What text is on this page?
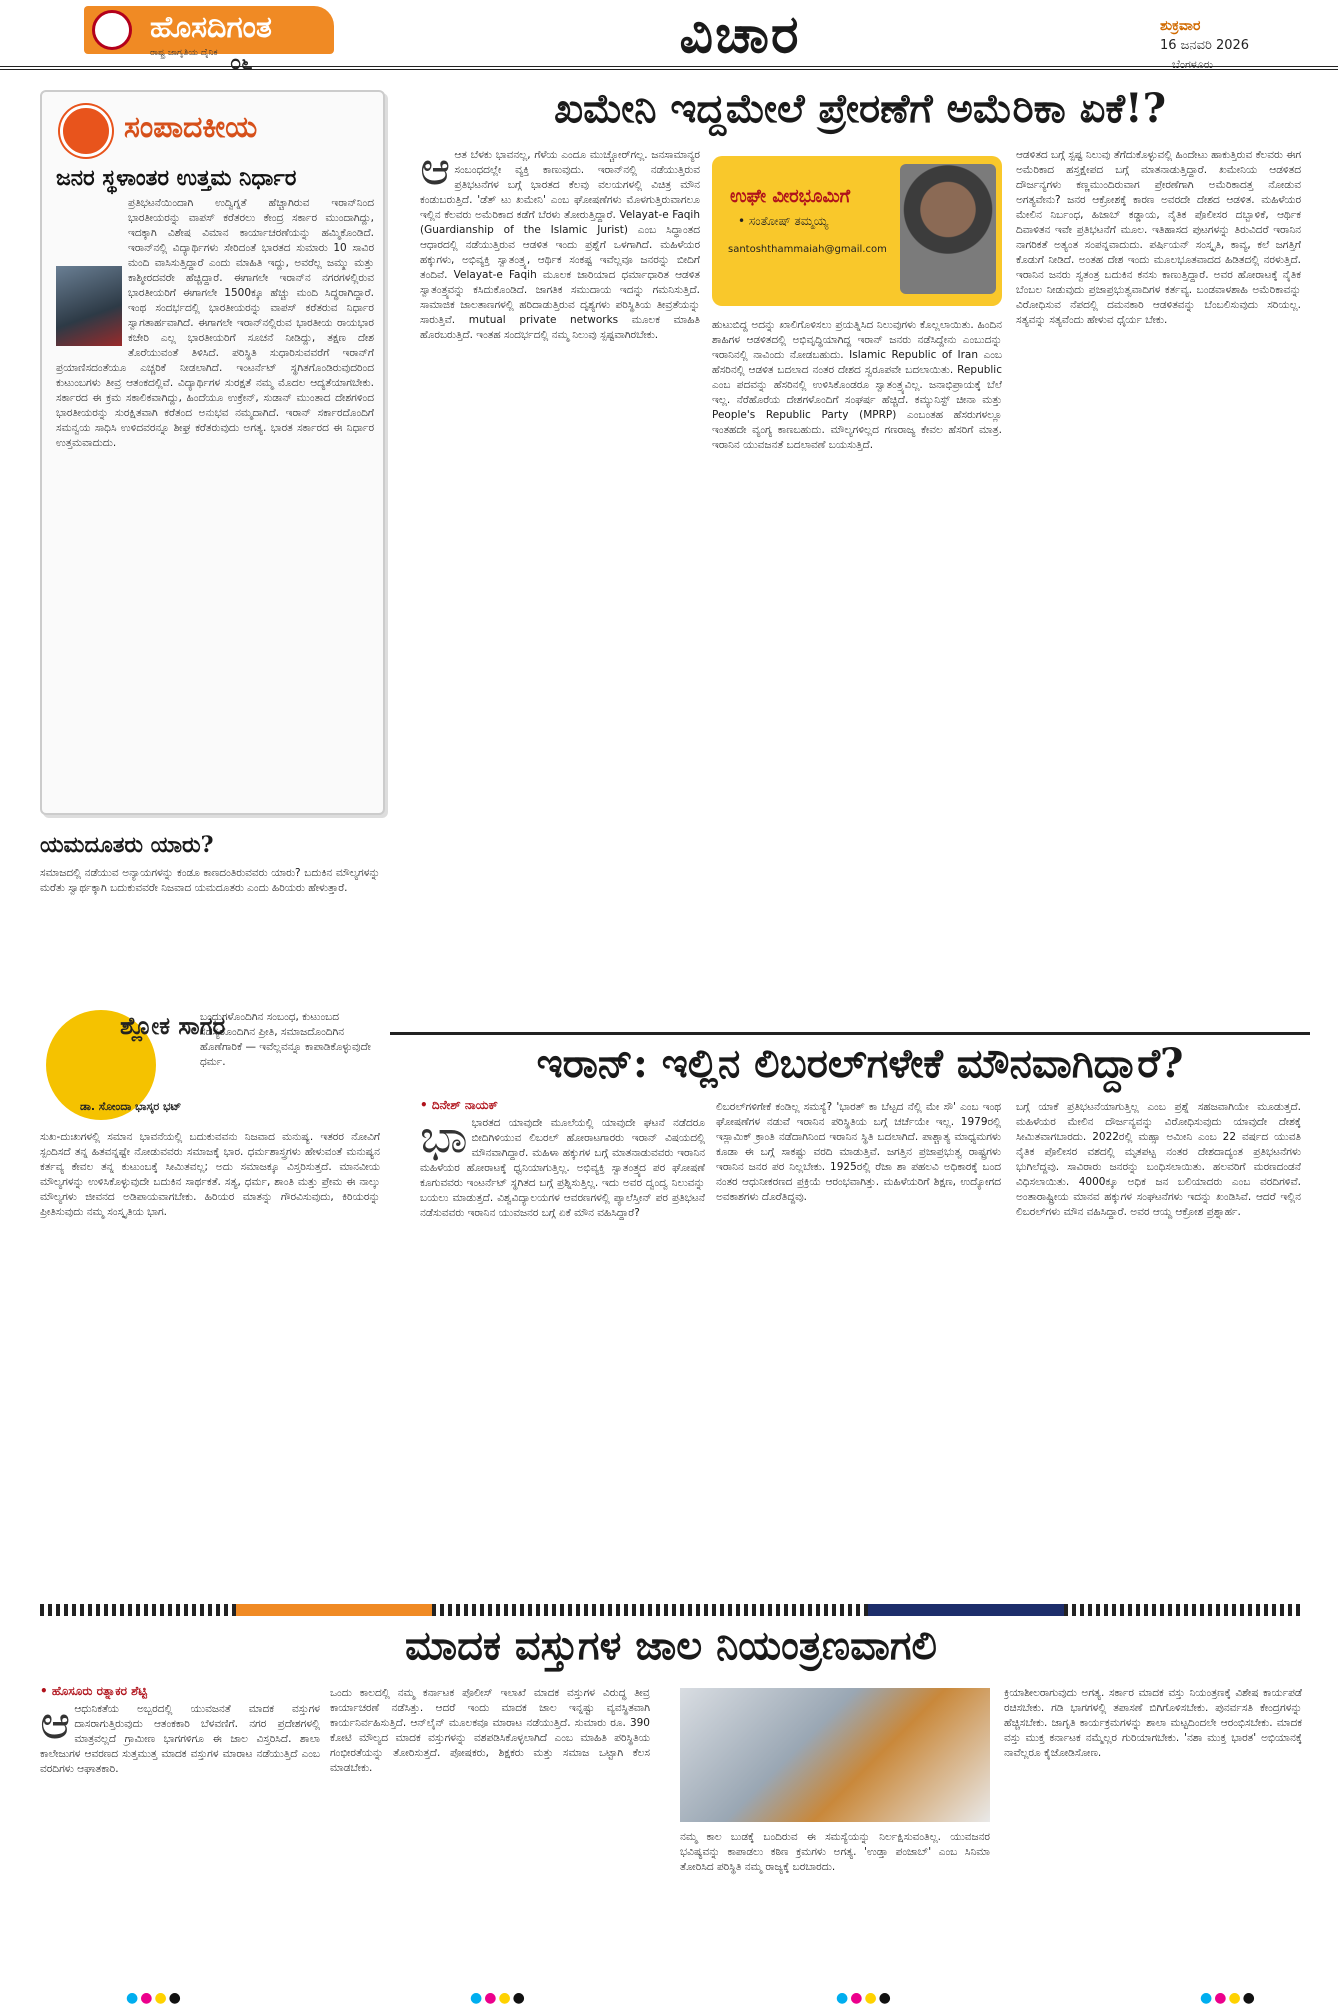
ಹೊಸದಿಗಂತ
ರಾಷ್ಟ್ರ ಜಾಗೃತಿಯ ದೈನಿಕ ೦೬	ವಿಚಾರ	ಶುಕ್ರವಾರ
16 ಜನವರಿ 2026
ಬೆಂಗಳೂರು
ಸಂಪಾದಕೀಯ
ಜನರ ಸ್ಥಳಾಂತರ ಉತ್ತಮ ನಿರ್ಧಾರ
ಪ್ರತಿಭಟನೆಯಿಂದಾಗಿ ಉದ್ವಿಗ್ನತೆ ಹೆಚ್ಚಾಗಿರುವ ಇರಾನ್‌ನಿಂದ ಭಾರತೀಯರನ್ನು ವಾಪಸ್ ಕರೆತರಲು ಕೇಂದ್ರ ಸರ್ಕಾರ ಮುಂದಾಗಿದ್ದು, ಇದಕ್ಕಾಗಿ ವಿಶೇಷ ವಿಮಾನ ಕಾರ್ಯಾಚರಣೆಯನ್ನು ಹಮ್ಮಿಕೊಂಡಿದೆ. ಇರಾನ್‌ನಲ್ಲಿ ವಿದ್ಯಾರ್ಥಿಗಳು ಸೇರಿದಂತೆ ಭಾರತದ ಸುಮಾರು 10 ಸಾವಿರ ಮಂದಿ ವಾಸಿಸುತ್ತಿದ್ದಾರೆ ಎಂದು ಮಾಹಿತಿ ಇದ್ದು, ಅವರೆಲ್ಲ ಜಮ್ಮು ಮತ್ತು ಕಾಶ್ಮೀರದವರೇ ಹೆಚ್ಚಿದ್ದಾರೆ. ಈಗಾಗಲೇ ಇರಾನ್‌ನ ನಗರಗಳಲ್ಲಿರುವ ಭಾರತೀಯರಿಗೆ ಈಗಾಗಲೇ 1500ಕ್ಕೂ ಹೆಚ್ಚು ಮಂದಿ ಸಿದ್ಧರಾಗಿದ್ದಾರೆ. ಇಂಥ ಸಂದರ್ಭದಲ್ಲಿ ಭಾರತೀಯರನ್ನು ವಾಪಸ್ ಕರೆತರುವ ನಿರ್ಧಾರ ಸ್ವಾಗತಾರ್ಹವಾಗಿದೆ. ಈಗಾಗಲೇ ಇರಾನ್‌ನಲ್ಲಿರುವ ಭಾರತೀಯ ರಾಯಭಾರ ಕಚೇರಿ ಎಲ್ಲ ಭಾರತೀಯರಿಗೆ ಸೂಚನೆ ನೀಡಿದ್ದು, ತಕ್ಷಣ ದೇಶ ತೊರೆಯುವಂತೆ ತಿಳಿಸಿದೆ. ಪರಿಸ್ಥಿತಿ ಸುಧಾರಿಸುವವರೆಗೆ ಇರಾನ್‌ಗೆ ಪ್ರಯಾಣಿಸದಂತೆಯೂ ಎಚ್ಚರಿಕೆ ನೀಡಲಾಗಿದೆ. ಇಂಟರ್ನೆಟ್ ಸ್ಥಗಿತಗೊಂಡಿರುವುದರಿಂದ ಕುಟುಂಬಗಳು ತೀವ್ರ ಆತಂಕದಲ್ಲಿವೆ. ವಿದ್ಯಾರ್ಥಿಗಳ ಸುರಕ್ಷತೆ ನಮ್ಮ ಮೊದಲ ಆದ್ಯತೆಯಾಗಬೇಕು. ಸರ್ಕಾರದ ಈ ಕ್ರಮ ಸಕಾಲಿಕವಾಗಿದ್ದು, ಹಿಂದೆಯೂ ಉಕ್ರೇನ್, ಸುಡಾನ್ ಮುಂತಾದ ದೇಶಗಳಿಂದ ಭಾರತೀಯರನ್ನು ಸುರಕ್ಷಿತವಾಗಿ ಕರೆತಂದ ಅನುಭವ ನಮ್ಮದಾಗಿದೆ. ಇರಾನ್ ಸರ್ಕಾರದೊಂದಿಗೆ ಸಮನ್ವಯ ಸಾಧಿಸಿ ಉಳಿದವರನ್ನೂ ಶೀಘ್ರ ಕರೆತರುವುದು ಅಗತ್ಯ. ಭಾರತ ಸರ್ಕಾರದ ಈ ನಿರ್ಧಾರ ಉತ್ತಮವಾದುದು.
ಯಮದೂತರು ಯಾರು?
ಸಮಾಜದಲ್ಲಿ ನಡೆಯುವ ಅನ್ಯಾಯಗಳನ್ನು ಕಂಡೂ ಕಾಣದಂತಿರುವವರು ಯಾರು? ಬದುಕಿನ ಮೌಲ್ಯಗಳನ್ನು ಮರೆತು ಸ್ವಾರ್ಥಕ್ಕಾಗಿ ಬದುಕುವವರೇ ನಿಜವಾದ ಯಮದೂತರು ಎಂದು ಹಿರಿಯರು ಹೇಳುತ್ತಾರೆ.
ಶ್ಲೋಕ ಸಾಗರ
ಡಾ. ಸೋಂದಾ ಭಾಸ್ಕರ ಭಟ್
ಬಂಧುಗಳೊಂದಿಗಿನ ಸಂಬಂಧ, ಕುಟುಂಬದ ಸದಸ್ಯರೊಂದಿಗಿನ ಪ್ರೀತಿ, ಸಮಾಜದೊಂದಿಗಿನ ಹೊಣೆಗಾರಿಕೆ — ಇವೆಲ್ಲವನ್ನೂ ಕಾಪಾಡಿಕೊಳ್ಳುವುದೇ ಧರ್ಮ.
ಸುಖ-ದುಃಖಗಳಲ್ಲಿ ಸಮಾನ ಭಾವನೆಯಲ್ಲಿ ಬದುಕುವವನು ನಿಜವಾದ ಮನುಷ್ಯ. ಇತರರ ನೋವಿಗೆ ಸ್ಪಂದಿಸದೆ ತನ್ನ ಹಿತವನ್ನಷ್ಟೇ ನೋಡುವವರು ಸಮಾಜಕ್ಕೆ ಭಾರ. ಧರ್ಮಶಾಸ್ತ್ರಗಳು ಹೇಳುವಂತೆ ಮನುಷ್ಯನ ಕರ್ತವ್ಯ ಕೇವಲ ತನ್ನ ಕುಟುಂಬಕ್ಕೆ ಸೀಮಿತವಲ್ಲ; ಅದು ಸಮಾಜಕ್ಕೂ ವಿಸ್ತರಿಸುತ್ತದೆ. ಮಾನವೀಯ ಮೌಲ್ಯಗಳನ್ನು ಉಳಿಸಿಕೊಳ್ಳುವುದೇ ಬದುಕಿನ ಸಾರ್ಥಕತೆ. ಸತ್ಯ, ಧರ್ಮ, ಶಾಂತಿ ಮತ್ತು ಪ್ರೇಮ ಈ ನಾಲ್ಕು ಮೌಲ್ಯಗಳು ಜೀವನದ ಅಡಿಪಾಯವಾಗಬೇಕು. ಹಿರಿಯರ ಮಾತನ್ನು ಗೌರವಿಸುವುದು, ಕಿರಿಯರನ್ನು ಪ್ರೀತಿಸುವುದು ನಮ್ಮ ಸಂಸ್ಕೃತಿಯ ಭಾಗ.
ಖಮೇನಿ ಇದ್ದಮೇಲೆ ಪ್ರೇರಣೆಗೆ ಅಮೆರಿಕಾ ಏಕೆ!?
ಆ ಆತ ಬೆಳಕು ಭಾವನಲ್ಲ, ಗೆಳೆಯ ಎಂದೂ ಮುಚ್ಚೋರ್‌ಗಲ್ಲ. ಜನಸಾಮಾನ್ಯರ ಸಂಬಂಧದಲ್ಲೇ ವ್ಯಕ್ತಿ ಕಾಣುವುದು. ಇರಾನ್‌ನಲ್ಲಿ ನಡೆಯುತ್ತಿರುವ ಪ್ರತಿಭಟನೆಗಳ ಬಗ್ಗೆ ಭಾರತದ ಕೆಲವು ವಲಯಗಳಲ್ಲಿ ವಿಚಿತ್ರ ಮೌನ ಕಂಡುಬರುತ್ತಿದೆ. 'ಡೆತ್ ಟು ಖಮೇನಿ' ಎಂಬ ಘೋಷಣೆಗಳು ಮೊಳಗುತ್ತಿರುವಾಗಲೂ ಇಲ್ಲಿನ ಕೆಲವರು ಅಮೆರಿಕಾದ ಕಡೆಗೆ ಬೆರಳು ತೋರುತ್ತಿದ್ದಾರೆ. Velayat-e Faqih (Guardianship of the Islamic Jurist) ಎಂಬ ಸಿದ್ಧಾಂತದ ಆಧಾರದಲ್ಲಿ ನಡೆಯುತ್ತಿರುವ ಆಡಳಿತ ಇಂದು ಪ್ರಶ್ನೆಗೆ ಒಳಗಾಗಿದೆ. ಮಹಿಳೆಯರ ಹಕ್ಕುಗಳು, ಅಭಿವ್ಯಕ್ತಿ ಸ್ವಾತಂತ್ರ್ಯ, ಆರ್ಥಿಕ ಸಂಕಷ್ಟ ಇವೆಲ್ಲವೂ ಜನರನ್ನು ಬೀದಿಗೆ ತಂದಿವೆ. Velayat-e Faqih ಮೂಲಕ ಜಾರಿಯಾದ ಧರ್ಮಾಧಾರಿತ ಆಡಳಿತ ಸ್ವಾತಂತ್ರ್ಯವನ್ನು ಕಸಿದುಕೊಂಡಿದೆ. ಜಾಗತಿಕ ಸಮುದಾಯ ಇದನ್ನು ಗಮನಿಸುತ್ತಿದೆ. ಸಾಮಾಜಿಕ ಜಾಲತಾಣಗಳಲ್ಲಿ ಹರಿದಾಡುತ್ತಿರುವ ದೃಶ್ಯಗಳು ಪರಿಸ್ಥಿತಿಯ ತೀವ್ರತೆಯನ್ನು ಸಾರುತ್ತಿವೆ. mutual private networks ಮೂಲಕ ಮಾಹಿತಿ ಹೊರಬರುತ್ತಿದೆ. ಇಂತಹ ಸಂದರ್ಭದಲ್ಲಿ ನಮ್ಮ ನಿಲುವು ಸ್ಪಷ್ಟವಾಗಿರಬೇಕು.
ಉಘೇ ವೀರಭೂಮಿಗೆ
• ಸಂತೋಷ್ ತಮ್ಮಯ್ಯ
santoshthammaiah@gmail.com
ಹುಟುಬಿದ್ದ ಅದನ್ನು ಖಾಲಿಗೊಳಿಸಲು ಪ್ರಯತ್ನಿಸಿದ ನಿಲುವುಗಳು ಕೊಲ್ಲಲಾಯಿತು. ಹಿಂದಿನ ಶಾಹಿಗಳ ಆಡಳಿತದಲ್ಲಿ ಅಭಿವೃದ್ಧಿಯಾಗಿದ್ದ ಇರಾನ್ ಜನರು ನಡೆಸಿದ್ದೇನು ಎಂಬುದನ್ನು ಇರಾನಿನಲ್ಲಿ ನಾವಿಂದು ನೋಡಬಹುದು. Islamic Republic of Iran ಎಂಬ ಹೆಸರಿನಲ್ಲಿ ಆಡಳಿತ ಬದಲಾದ ನಂತರ ದೇಶದ ಸ್ವರೂಪವೇ ಬದಲಾಯಿತು. Republic ಎಂಬ ಪದವನ್ನು ಹೆಸರಿನಲ್ಲಿ ಉಳಿಸಿಕೊಂಡರೂ ಸ್ವಾತಂತ್ರ್ಯವಿಲ್ಲ. ಜನಾಭಿಪ್ರಾಯಕ್ಕೆ ಬೆಲೆ ಇಲ್ಲ. ನೆರೆಹೊರೆಯ ದೇಶಗಳೊಂದಿಗೆ ಸಂಘರ್ಷ ಹೆಚ್ಚಿದೆ. ಕಮ್ಯುನಿಸ್ಟ್ ಚೀನಾ ಮತ್ತು People's Republic Party (MPRP) ಎಂಬಂತಹ ಹೆಸರುಗಳಲ್ಲೂ ಇಂತಹದೇ ವ್ಯಂಗ್ಯ ಕಾಣಬಹುದು. ಮೌಲ್ಯಗಳಿಲ್ಲದ ಗಣರಾಜ್ಯ ಕೇವಲ ಹೆಸರಿಗೆ ಮಾತ್ರ. ಇರಾನಿನ ಯುವಜನತೆ ಬದಲಾವಣೆ ಬಯಸುತ್ತಿದೆ.
ಆಡಳಿತದ ಬಗ್ಗೆ ಸ್ಪಷ್ಟ ನಿಲುವು ತೆಗೆದುಕೊಳ್ಳುವಲ್ಲಿ ಹಿಂದೇಟು ಹಾಕುತ್ತಿರುವ ಕೆಲವರು ಈಗ ಅಮೆರಿಕಾದ ಹಸ್ತಕ್ಷೇಪದ ಬಗ್ಗೆ ಮಾತನಾಡುತ್ತಿದ್ದಾರೆ. ಖಮೇನಿಯ ಆಡಳಿತದ ದೌರ್ಜನ್ಯಗಳು ಕಣ್ಣಮುಂದಿರುವಾಗ ಪ್ರೇರಣೆಗಾಗಿ ಅಮೆರಿಕಾದತ್ತ ನೋಡುವ ಅಗತ್ಯವೇನು? ಜನರ ಆಕ್ರೋಶಕ್ಕೆ ಕಾರಣ ಅವರದೇ ದೇಶದ ಆಡಳಿತ. ಮಹಿಳೆಯರ ಮೇಲಿನ ನಿರ್ಬಂಧ, ಹಿಜಾಬ್ ಕಡ್ಡಾಯ, ನೈತಿಕ ಪೊಲೀಸರ ದಬ್ಬಾಳಿಕೆ, ಆರ್ಥಿಕ ದಿವಾಳಿತನ ಇವೇ ಪ್ರತಿಭಟನೆಗೆ ಮೂಲ. ಇತಿಹಾಸದ ಪುಟಗಳನ್ನು ತಿರುವಿದರೆ ಇರಾನಿನ ನಾಗರಿಕತೆ ಅತ್ಯಂತ ಸಂಪನ್ನವಾದುದು. ಪರ್ಷಿಯನ್ ಸಂಸ್ಕೃತಿ, ಕಾವ್ಯ, ಕಲೆ ಜಗತ್ತಿಗೆ ಕೊಡುಗೆ ನೀಡಿದೆ. ಅಂತಹ ದೇಶ ಇಂದು ಮೂಲಭೂತವಾದದ ಹಿಡಿತದಲ್ಲಿ ನರಳುತ್ತಿದೆ. ಇರಾನಿನ ಜನರು ಸ್ವತಂತ್ರ ಬದುಕಿನ ಕನಸು ಕಾಣುತ್ತಿದ್ದಾರೆ. ಅವರ ಹೋರಾಟಕ್ಕೆ ನೈತಿಕ ಬೆಂಬಲ ನೀಡುವುದು ಪ್ರಜಾಪ್ರಭುತ್ವವಾದಿಗಳ ಕರ್ತವ್ಯ. ಬಂಡವಾಳಶಾಹಿ ಅಮೆರಿಕಾವನ್ನು ವಿರೋಧಿಸುವ ನೆಪದಲ್ಲಿ ದಮನಕಾರಿ ಆಡಳಿತವನ್ನು ಬೆಂಬಲಿಸುವುದು ಸರಿಯಲ್ಲ. ಸತ್ಯವನ್ನು ಸತ್ಯವೆಂದು ಹೇಳುವ ಧೈರ್ಯ ಬೇಕು.
ಇರಾನ್: ಇಲ್ಲಿನ ಲಿಬರಲ್‌ಗಳೇಕೆ ಮೌನವಾಗಿದ್ದಾರೆ?
• ದಿನೇಶ್ ನಾಯಕ್
ಭಾ ಭಾರತದ ಯಾವುದೇ ಮೂಲೆಯಲ್ಲಿ ಯಾವುದೇ ಘಟನೆ ನಡೆದರೂ ಬೀದಿಗಿಳಿಯುವ ಲಿಬರಲ್ ಹೋರಾಟಗಾರರು ಇರಾನ್ ವಿಷಯದಲ್ಲಿ ಮೌನವಾಗಿದ್ದಾರೆ. ಮಹಿಳಾ ಹಕ್ಕುಗಳ ಬಗ್ಗೆ ಮಾತನಾಡುವವರು ಇರಾನಿನ ಮಹಿಳೆಯರ ಹೋರಾಟಕ್ಕೆ ಧ್ವನಿಯಾಗುತ್ತಿಲ್ಲ. ಅಭಿವ್ಯಕ್ತಿ ಸ್ವಾತಂತ್ರ್ಯದ ಪರ ಘೋಷಣೆ ಕೂಗುವವರು ಇಂಟರ್ನೆಟ್ ಸ್ಥಗಿತದ ಬಗ್ಗೆ ಪ್ರಶ್ನಿಸುತ್ತಿಲ್ಲ. ಇದು ಅವರ ದ್ವಂದ್ವ ನಿಲುವನ್ನು ಬಯಲು ಮಾಡುತ್ತದೆ. ವಿಶ್ವವಿದ್ಯಾಲಯಗಳ ಆವರಣಗಳಲ್ಲಿ ಪ್ಯಾಲೆಸ್ತೀನ್ ಪರ ಪ್ರತಿಭಟನೆ ನಡೆಸುವವರು ಇರಾನಿನ ಯುವಜನರ ಬಗ್ಗೆ ಏಕೆ ಮೌನ ವಹಿಸಿದ್ದಾರೆ?
ಲಿಬರಲ್‌ಗಳಿಗೇಕೆ ಕಂಡಿಲ್ಲ ಸಮಸ್ಯೆ? 'ಭಾರತ್ ಕಾ ಬೆಟ್ಟದ ನೆಲ್ಲಿ ಮೇ ಸೌ' ಎಂಬ ಇಂಥ ಘೋಷಣೆಗಳ ನಡುವೆ ಇರಾನಿನ ಪರಿಸ್ಥಿತಿಯ ಬಗ್ಗೆ ಚರ್ಚೆಯೇ ಇಲ್ಲ. 1979ರಲ್ಲಿ ಇಸ್ಲಾಮಿಕ್ ಕ್ರಾಂತಿ ನಡೆದಾಗಿನಿಂದ ಇರಾನಿನ ಸ್ಥಿತಿ ಬದಲಾಗಿದೆ. ಪಾಶ್ಚಾತ್ಯ ಮಾಧ್ಯಮಗಳು ಕೂಡಾ ಈ ಬಗ್ಗೆ ಸಾಕಷ್ಟು ವರದಿ ಮಾಡುತ್ತಿವೆ. ಜಗತ್ತಿನ ಪ್ರಜಾಪ್ರಭುತ್ವ ರಾಷ್ಟ್ರಗಳು ಇರಾನಿನ ಜನರ ಪರ ನಿಲ್ಲಬೇಕು. 1925ರಲ್ಲಿ ರೆಜಾ ಶಾ ಪಹಲವಿ ಅಧಿಕಾರಕ್ಕೆ ಬಂದ ನಂತರ ಆಧುನೀಕರಣದ ಪ್ರಕ್ರಿಯೆ ಆರಂಭವಾಗಿತ್ತು. ಮಹಿಳೆಯರಿಗೆ ಶಿಕ್ಷಣ, ಉದ್ಯೋಗದ ಅವಕಾಶಗಳು ದೊರೆತಿದ್ದವು.
ಬಗ್ಗೆ ಯಾಕೆ ಪ್ರತಿಭಟನೆಯಾಗುತ್ತಿಲ್ಲ ಎಂಬ ಪ್ರಶ್ನೆ ಸಹಜವಾಗಿಯೇ ಮೂಡುತ್ತದೆ. ಮಹಿಳೆಯರ ಮೇಲಿನ ದೌರ್ಜನ್ಯವನ್ನು ವಿರೋಧಿಸುವುದು ಯಾವುದೇ ದೇಶಕ್ಕೆ ಸೀಮಿತವಾಗಬಾರದು. 2022ರಲ್ಲಿ ಮಹ್ಸಾ ಅಮೀನಿ ಎಂಬ 22 ವರ್ಷದ ಯುವತಿ ನೈತಿಕ ಪೊಲೀಸರ ವಶದಲ್ಲಿ ಮೃತಪಟ್ಟ ನಂತರ ದೇಶದಾದ್ಯಂತ ಪ್ರತಿಭಟನೆಗಳು ಭುಗಿಲೆದ್ದವು. ಸಾವಿರಾರು ಜನರನ್ನು ಬಂಧಿಸಲಾಯಿತು. ಹಲವರಿಗೆ ಮರಣದಂಡನೆ ವಿಧಿಸಲಾಯಿತು. 4000ಕ್ಕೂ ಅಧಿಕ ಜನ ಬಲಿಯಾದರು ಎಂಬ ವರದಿಗಳಿವೆ. ಅಂತಾರಾಷ್ಟ್ರೀಯ ಮಾನವ ಹಕ್ಕುಗಳ ಸಂಘಟನೆಗಳು ಇದನ್ನು ಖಂಡಿಸಿವೆ. ಆದರೆ ಇಲ್ಲಿನ ಲಿಬರಲ್‌ಗಳು ಮೌನ ವಹಿಸಿದ್ದಾರೆ. ಅವರ ಆಯ್ದ ಆಕ್ರೋಶ ಪ್ರಶ್ನಾರ್ಹ.
ಮಾದಕ ವಸ್ತುಗಳ ಜಾಲ ನಿಯಂತ್ರಣವಾಗಲಿ
• ಹೊಸೂರು ರತ್ನಾಕರ ಶೆಟ್ಟಿ
ಆ ಆಧುನಿಕತೆಯ ಅಬ್ಬರದಲ್ಲಿ ಯುವಜನತೆ ಮಾದಕ ವಸ್ತುಗಳ ದಾಸರಾಗುತ್ತಿರುವುದು ಆತಂಕಕಾರಿ ಬೆಳವಣಿಗೆ. ನಗರ ಪ್ರದೇಶಗಳಲ್ಲಿ ಮಾತ್ರವಲ್ಲದೆ ಗ್ರಾಮೀಣ ಭಾಗಗಳಿಗೂ ಈ ಜಾಲ ವಿಸ್ತರಿಸಿದೆ. ಶಾಲಾ ಕಾಲೇಜುಗಳ ಆವರಣದ ಸುತ್ತಮುತ್ತ ಮಾದಕ ವಸ್ತುಗಳ ಮಾರಾಟ ನಡೆಯುತ್ತಿದೆ ಎಂಬ ವರದಿಗಳು ಆಘಾತಕಾರಿ.
ಒಂದು ಕಾಲದಲ್ಲಿ ನಮ್ಮ ಕರ್ನಾಟಕ ಪೊಲೀಸ್ ಇಲಾಖೆ ಮಾದಕ ವಸ್ತುಗಳ ವಿರುದ್ಧ ತೀವ್ರ ಕಾರ್ಯಾಚರಣೆ ನಡೆಸಿತ್ತು. ಆದರೆ ಇಂದು ಮಾದಕ ಜಾಲ ಇನ್ನಷ್ಟು ವ್ಯವಸ್ಥಿತವಾಗಿ ಕಾರ್ಯನಿರ್ವಹಿಸುತ್ತಿದೆ. ಆನ್‌ಲೈನ್ ಮೂಲಕವೂ ಮಾರಾಟ ನಡೆಯುತ್ತಿದೆ. ಸುಮಾರು ರೂ. 390 ಕೋಟಿ ಮೌಲ್ಯದ ಮಾದಕ ವಸ್ತುಗಳನ್ನು ವಶಪಡಿಸಿಕೊಳ್ಳಲಾಗಿದೆ ಎಂಬ ಮಾಹಿತಿ ಪರಿಸ್ಥಿತಿಯ ಗಂಭೀರತೆಯನ್ನು ತೋರಿಸುತ್ತದೆ. ಪೋಷಕರು, ಶಿಕ್ಷಕರು ಮತ್ತು ಸಮಾಜ ಒಟ್ಟಾಗಿ ಕೆಲಸ ಮಾಡಬೇಕು.
ನಮ್ಮ ಕಾಲ ಬುಡಕ್ಕೆ ಬಂದಿರುವ ಈ ಸಮಸ್ಯೆಯನ್ನು ನಿರ್ಲಕ್ಷಿಸುವಂತಿಲ್ಲ. ಯುವಜನರ ಭವಿಷ್ಯವನ್ನು ಕಾಪಾಡಲು ಕಠಿಣ ಕ್ರಮಗಳು ಅಗತ್ಯ. 'ಉಡ್ತಾ ಪಂಜಾಬ್' ಎಂಬ ಸಿನಿಮಾ ತೋರಿಸಿದ ಪರಿಸ್ಥಿತಿ ನಮ್ಮ ರಾಜ್ಯಕ್ಕೆ ಬರಬಾರದು.
ಕ್ರಿಯಾಶೀಲರಾಗುವುದು ಅಗತ್ಯ. ಸರ್ಕಾರ ಮಾದಕ ವಸ್ತು ನಿಯಂತ್ರಣಕ್ಕೆ ವಿಶೇಷ ಕಾರ್ಯಪಡೆ ರಚಿಸಬೇಕು. ಗಡಿ ಭಾಗಗಳಲ್ಲಿ ತಪಾಸಣೆ ಬಿಗಿಗೊಳಿಸಬೇಕು. ಪುನರ್ವಸತಿ ಕೇಂದ್ರಗಳನ್ನು ಹೆಚ್ಚಿಸಬೇಕು. ಜಾಗೃತಿ ಕಾರ್ಯಕ್ರಮಗಳನ್ನು ಶಾಲಾ ಮಟ್ಟದಿಂದಲೇ ಆರಂಭಿಸಬೇಕು. ಮಾದಕ ವಸ್ತು ಮುಕ್ತ ಕರ್ನಾಟಕ ನಮ್ಮೆಲ್ಲರ ಗುರಿಯಾಗಬೇಕು. 'ನಶಾ ಮುಕ್ತ ಭಾರತ' ಅಭಿಯಾನಕ್ಕೆ ನಾವೆಲ್ಲರೂ ಕೈಜೋಡಿಸೋಣ.
●●●●	●●●●	●●●●	●●●●
